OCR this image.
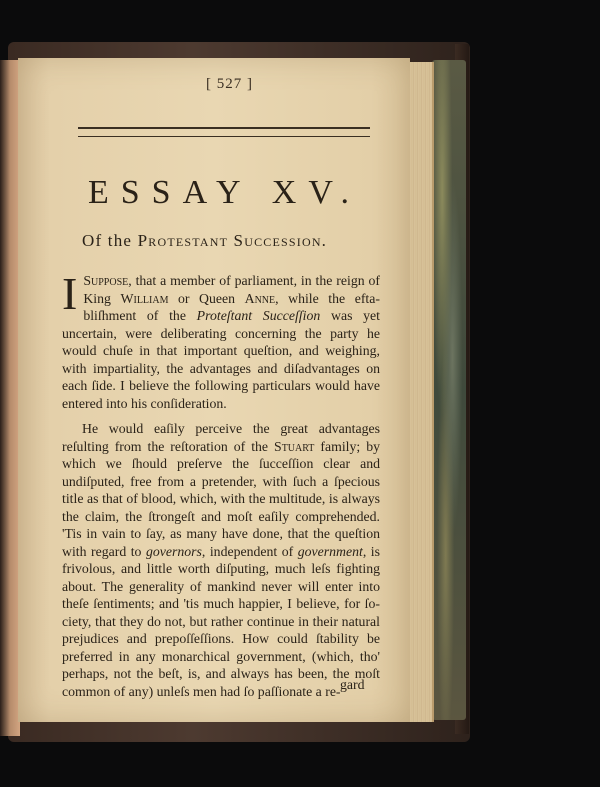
[ 527 ]
ESSAY XV.
Of the Protestant Succession.

I Suppose, that a member of parliament, in the reign of King William or Queen Anne, while the eftabliſhment of the Proteſtant Succeſſion was yet uncertain, were deliberating concerning the party he would chuſe in that important queſtion, and weighing, with impartiality, the advantages and diſadvantages on each ſide. I believe the following particulars would have entered into his conſideration.

He would eaſily perceive the great advantages reſulting from the reſtoration of the Stuart family; by which we ſhould preſerve the ſucceſſion clear and undiſputed, free from a pretender, with ſuch a ſpecious title as that of blood, which, with the multitude, is always the claim, the ſtrongeſt and moſt eaſily comprehended. 'Tis in vain to ſay, as many have done, that the queſtion with regard to governors, independent of government, is frivolous, and little worth diſputing, much leſs fighting about. The generality of mankind never will enter into theſe ſentiments; and 'tis much happier, I believe, for ſociety, that they do not, but rather continue in their natural prejudices and prepoſſeſſions. How could ſtability be preferred in any monarchical government, (which, tho' perhaps, not the beſt, is, and always has been, the moſt common of any) unleſs men had ſo paſſionate a re- gard
